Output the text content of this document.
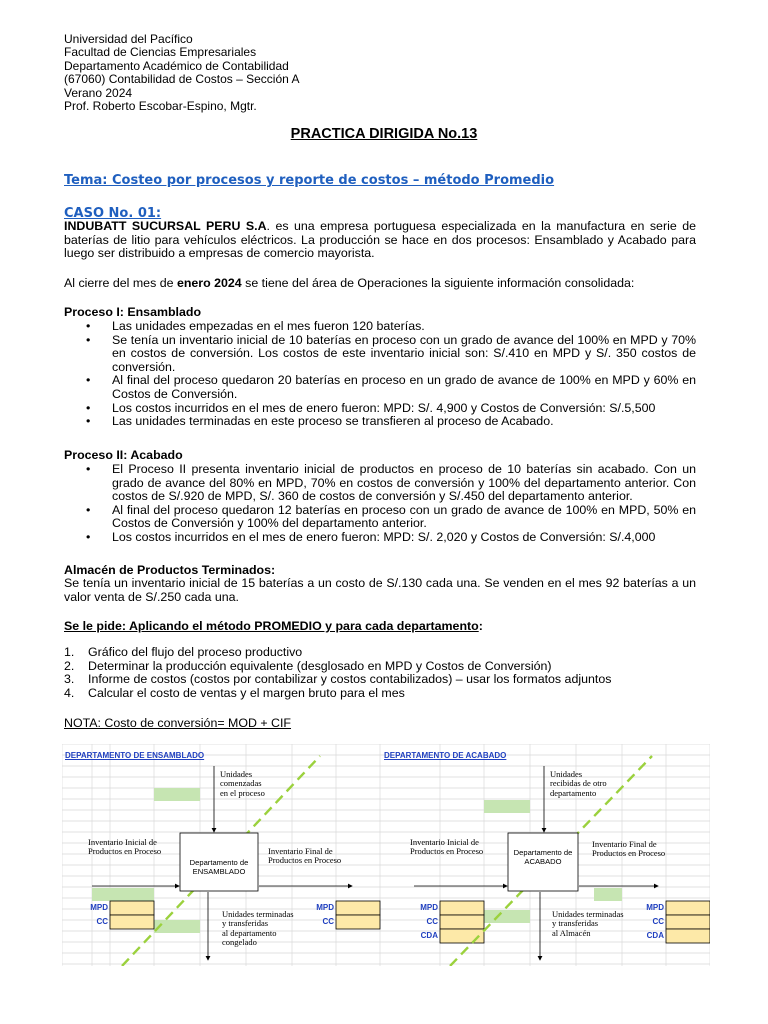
Universidad del Pacífico
Facultad de Ciencias Empresariales
Departamento Académico de Contabilidad
(67060) Contabilidad de Costos – Sección A
Verano 2024
Prof. Roberto Escobar-Espino, Mgtr.
PRACTICA DIRIGIDA No.13
Tema: Costeo por procesos y reporte de costos – método Promedio
CASO No. 01:
INDUBATT SUCURSAL PERU S.A. es una empresa portuguesa especializada en la manufactura en serie de baterías de litio para vehículos eléctricos. La producción se hace en dos procesos: Ensamblado y Acabado para luego ser distribuido a empresas de comercio mayorista.
Al cierre del mes de enero 2024 se tiene del área de Operaciones la siguiente información consolidada:
Proceso I: Ensamblado
• Las unidades empezadas en el mes fueron 120 baterías.
• Se tenía un inventario inicial de 10 baterías en proceso con un grado de avance del 100% en MPD y 70% en costos de conversión. Los costos de este inventario inicial son: S/.410 en MPD y S/. 350 costos de conversión.
• Al final del proceso quedaron 20 baterías en proceso en un grado de avance de 100% en MPD y 60% en Costos de Conversión.
• Los costos incurridos en el mes de enero fueron: MPD: S/. 4,900 y Costos de Conversión: S/.5,500
• Las unidades terminadas en este proceso se transfieren al proceso de Acabado.
Proceso II: Acabado
• El Proceso II presenta inventario inicial de productos en proceso de 10 baterías sin acabado. Con un grado de avance del 80% en MPD, 70% en costos de conversión y 100% del departamento anterior. Con costos de S/.920 de MPD, S/. 360 de costos de conversión y S/.450 del departamento anterior.
• Al final del proceso quedaron 12 baterías en proceso con un grado de avance de 100% en MPD, 50% en Costos de Conversión y 100% del departamento anterior.
• Los costos incurridos en el mes de enero fueron: MPD: S/. 2,020 y Costos de Conversión: S/.4,000
Almacén de Productos Terminados:
Se tenía un inventario inicial de 15 baterías a un costo de S/.130 cada una. Se venden en el mes 92 baterías a un valor venta de S/.250 cada una.
Se le pide: Aplicando el método PROMEDIO y para cada departamento:
1. Gráfico del flujo del proceso productivo
2. Determinar la producción equivalente (desglosado en MPD y Costos de Conversión)
3. Informe de costos (costos por contabilizar y costos contabilizados) – usar los formatos adjuntos
4. Calcular el costo de ventas y el margen bruto para el mes
NOTA: Costo de conversión= MOD + CIF
DEPARTAMENTO DE ENSAMBLADO
Unidades
comenzadas
en el proceso
Inventario Inicial de
Productos en Proceso
Departamento de
ENSAMBLADO
Inventario Final de
Productos en Proceso
Unidades terminadas
y transferidas
al departamento
congelado
MPD
CC
MPD
CC
DEPARTAMENTO DE ACABADO
Unidades
recibidas de otro
departamento
Inventario Inicial de
Productos en Proceso	Departamento de
ACABADO
Inventario Final de
Productos en Proceso
Unidades terminadas
y transferidas
al Almacén
MPD
CC
CDA
MPD
CC
CDA
